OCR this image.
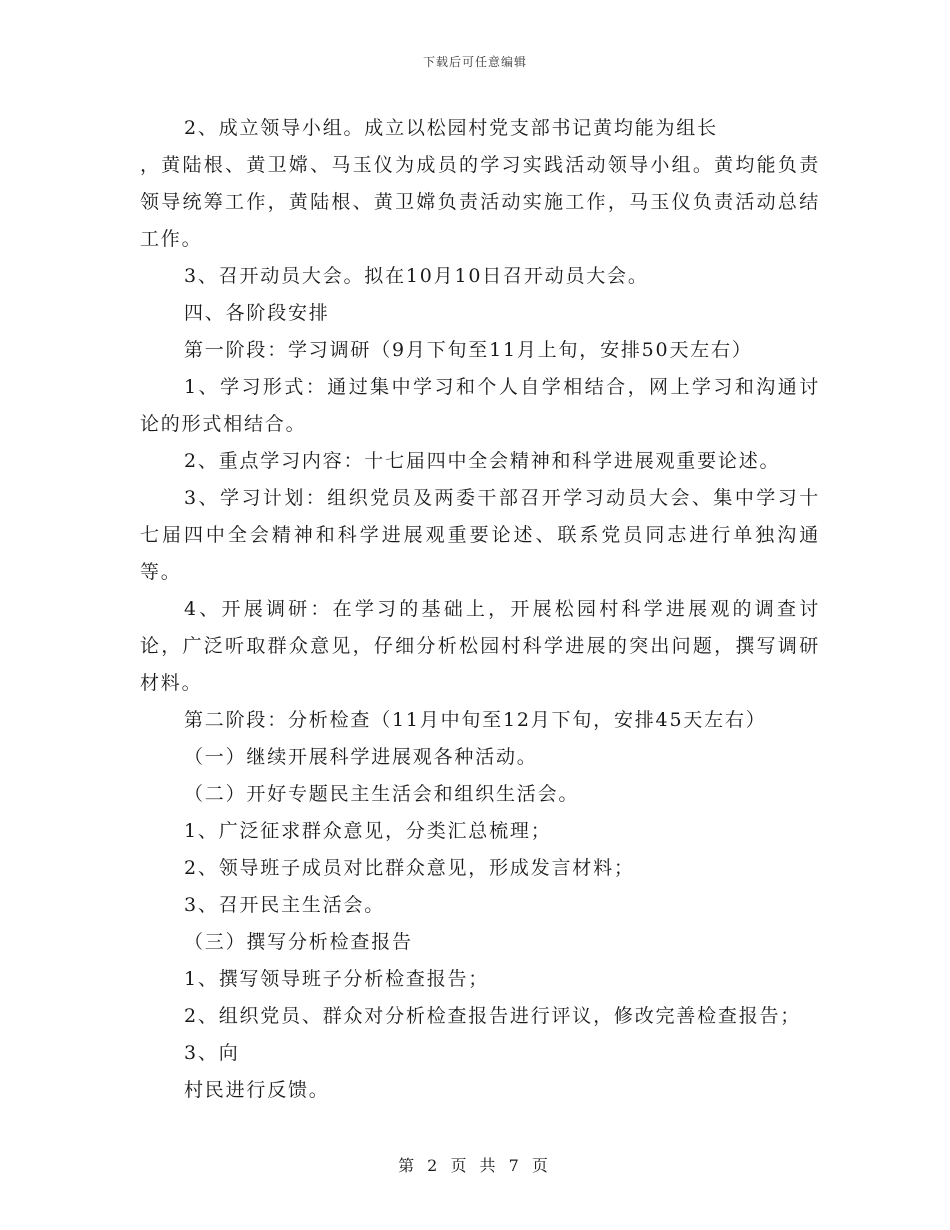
下载后可任意编辑

2、成立领导小组。成立以松园村党支部书记黄均能为组长

，黄陆根、黄卫嫦、马玉仪为成员的学习实践活动领导小组。黄均能负责领导统筹工作，黄陆根、黄卫嫦负责活动实施工作，马玉仪负责活动总结工作。

3、召开动员大会。拟在10月10日召开动员大会。

四、各阶段安排

第一阶段：学习调研（9月下旬至11月上旬，安排50天左右）

1、学习形式：通过集中学习和个人自学相结合，网上学习和沟通讨论的形式相结合。

2、重点学习内容：十七届四中全会精神和科学进展观重要论述。

3、学习计划：组织党员及两委干部召开学习动员大会、集中学习十七届四中全会精神和科学进展观重要论述、联系党员同志进行单独沟通等。

4、开展调研：在学习的基础上，开展松园村科学进展观的调查讨论，广泛听取群众意见，仔细分析松园村科学进展的突出问题，撰写调研材料。

第二阶段：分析检查（11月中旬至12月下旬，安排45天左右）

（一）继续开展科学进展观各种活动。

（二）开好专题民主生活会和组织生活会。

1、广泛征求群众意见，分类汇总梳理；

2、领导班子成员对比群众意见，形成发言材料；

3、召开民主生活会。

（三）撰写分析检查报告

1、撰写领导班子分析检查报告；

2、组织党员、群众对分析检查报告进行评议，修改完善检查报告；

3、向

村民进行反馈。

第 2 页 共 7 页
